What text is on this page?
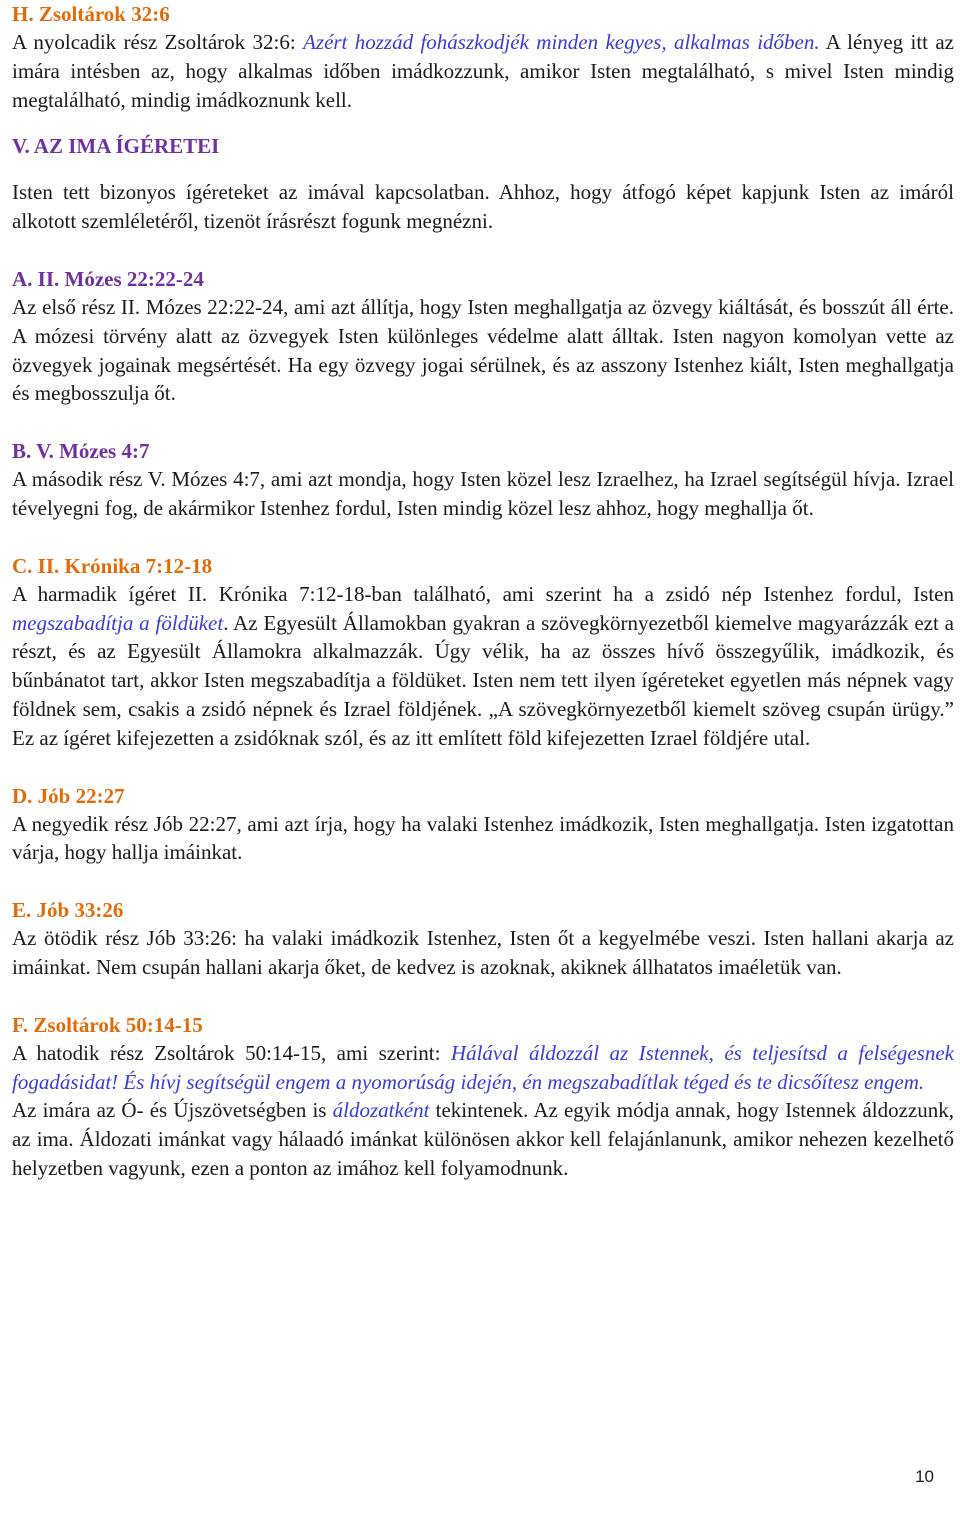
H. Zsoltárok 32:6

A nyolcadik rész Zsoltárok 32:6: Azért hozzád fohászkodjék minden kegyes, alkalmas időben. A lényeg itt az imára intésben az, hogy alkalmas időben imádkozzunk, amikor Isten megtalálható, s mivel Isten mindig megtalálható, mindig imádkoznunk kell.

V. AZ IMA ÍGÉRETEI

Isten tett bizonyos ígéreteket az imával kapcsolatban. Ahhoz, hogy átfogó képet kapjunk Isten az imáról alkotott szemléletéről, tizenöt írásrészt fogunk megnézni.

A. II. Mózes 22:22-24

Az első rész II. Mózes 22:22-24, ami azt állítja, hogy Isten meghallgatja az özvegy kiáltását, és bosszút áll érte. A mózesi törvény alatt az özvegyek Isten különleges védelme alatt álltak. Isten nagyon komolyan vette az özvegyek jogainak megsértését. Ha egy özvegy jogai sérülnek, és az asszony Istenhez kiált, Isten meghallgatja és megbosszulja őt.

B. V. Mózes 4:7

A második rész V. Mózes 4:7, ami azt mondja, hogy Isten közel lesz Izraelhez, ha Izrael segítségül hívja. Izrael tévelyegni fog, de akármikor Istenhez fordul, Isten mindig közel lesz ahhoz, hogy meghallja őt.

C. II. Krónika 7:12-18

A harmadik ígéret II. Krónika 7:12-18-ban található, ami szerint ha a zsidó nép Istenhez fordul, Isten megszabadítja a földüket. Az Egyesült Államokban gyakran a szövegkörnyezetből kiemelve magyarázzák ezt a részt, és az Egyesült Államokra alkalmazzák. Úgy vélik, ha az összes hívő összegyűlik, imádkozik, és bűnbánatot tart, akkor Isten megszabadítja a földüket. Isten nem tett ilyen ígéreteket egyetlen más népnek vagy földnek sem, csakis a zsidó népnek és Izrael földjének. „A szövegkörnyezetből kiemelt szöveg csupán ürügy.” Ez az ígéret kifejezetten a zsidóknak szól, és az itt említett föld kifejezetten Izrael földjére utal.

D. Jób 22:27

A negyedik rész Jób 22:27, ami azt írja, hogy ha valaki Istenhez imádkozik, Isten meghallgatja. Isten izgatottan várja, hogy hallja imáinkat.

E. Jób 33:26

Az ötödik rész Jób 33:26: ha valaki imádkozik Istenhez, Isten őt a kegyelmébe veszi. Isten hallani akarja az imáinkat. Nem csupán hallani akarja őket, de kedvez is azoknak, akiknek állhatatos imaéletük van.

F. Zsoltárok 50:14-15

A hatodik rész Zsoltárok 50:14-15, ami szerint: Hálával áldozzál az Istennek, és teljesítsd a felségesnek fogadásidat! És hívj segítségül engem a nyomorúság idején, én megszabadítlak téged és te dicsőítesz engem.

Az imára az Ó- és Újszövetségben is áldozatként tekintenek. Az egyik módja annak, hogy Istennek áldozzunk, az ima. Áldozati imánkat vagy hálaadó imánkat különösen akkor kell felajánlanunk, amikor nehezen kezelhető helyzetben vagyunk, ezen a ponton az imához kell folyamodnunk.

10
